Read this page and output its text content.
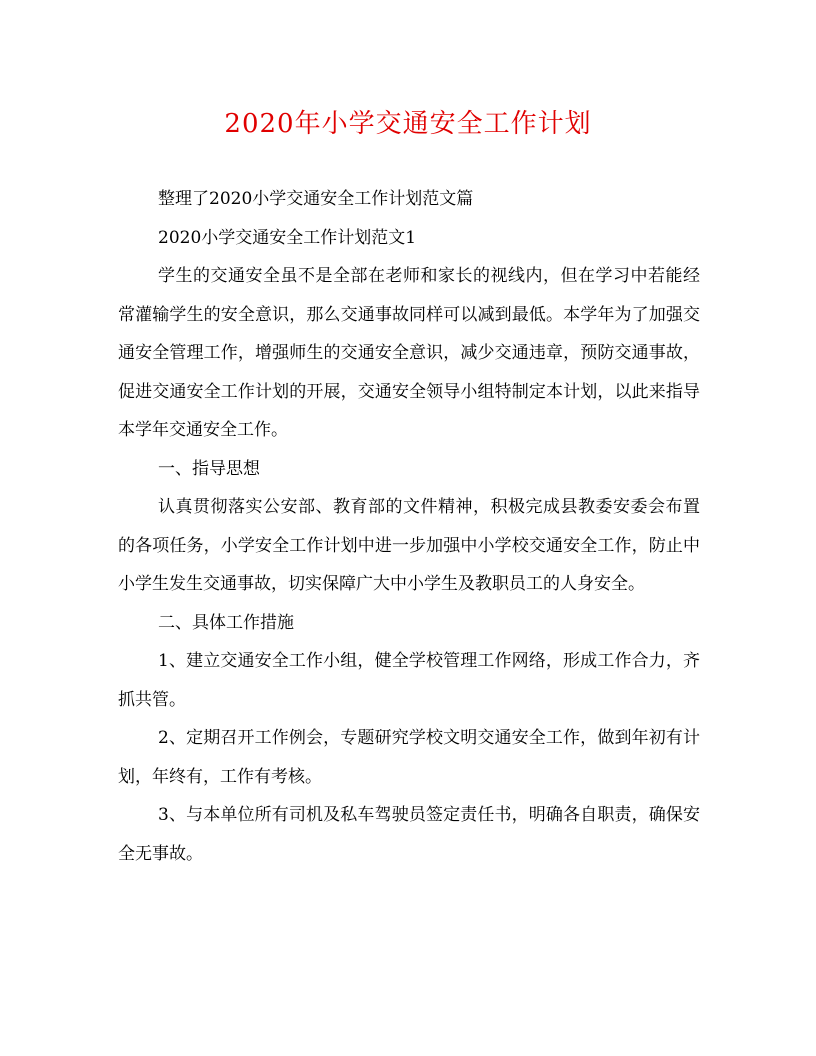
2020年小学交通安全工作计划

整理了2020小学交通安全工作计划范文篇

2020小学交通安全工作计划范文1

学生的交通安全虽不是全部在老师和家长的视线内，但在学习中若能经常灌输学生的安全意识，那么交通事故同样可以减到最低。本学年为了加强交通安全管理工作，增强师生的交通安全意识，减少交通违章，预防交通事故，促进交通安全工作计划的开展，交通安全领导小组特制定本计划，以此来指导本学年交通安全工作。

一、指导思想

认真贯彻落实公安部、教育部的文件精神，积极完成县教委安委会布置的各项任务，小学安全工作计划中进一步加强中小学校交通安全工作，防止中小学生发生交通事故，切实保障广大中小学生及教职员工的人身安全。

二、具体工作措施

1、建立交通安全工作小组，健全学校管理工作网络，形成工作合力，齐抓共管。

2、定期召开工作例会，专题研究学校文明交通安全工作，做到年初有计划，年终有，工作有考核。

3、与本单位所有司机及私车驾驶员签定责任书，明确各自职责，确保安全无事故。
